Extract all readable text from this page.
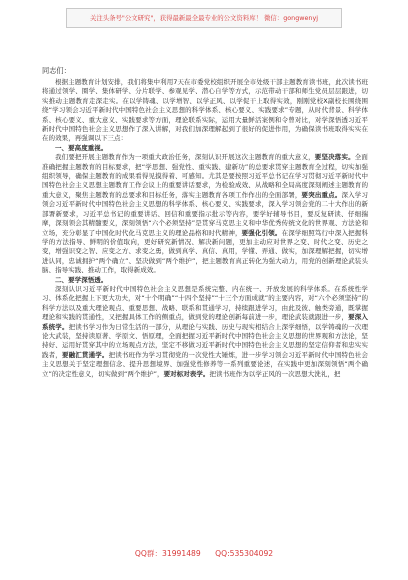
关注头条号"公文研究"，获得最新最全最专业的公文资料库！ 微信：gongwenyj
同志们：

根据主题教育计划安排，我们将集中利用7天在市委党校组织开展全市处级干部主题教育读书班，此次读书班将通过领学、圈学、集体研学、分片联学、参观见学、潜心自学等方式，示范带动干部和师生党员层层跟进，切实推动主题教育走深走实。在以学铸魂、以学增智、以学正风、以学促干上取得实效，刚刚党校X副校长围绕围绕“学习领会习近平新时代中国特色社会主义思想的科学体系、核心要义、实践要求”专题，从时代背景、科学体系、核心要义、重大意义、实践要求等方面，理论联系实际，运用大量鲜活案例和令曾对比，对学深悟透习近平新时代中国特色社会主义思想作了深入讲解，对我们加深理解起到了很好的促进作用，为确保读书班取得实实在在的效果，再强调以下三点：

一、要高度重视。

我们要把开展主题教育作为一项重大政治任务，深刻认识开展这次主题教育的重大意义，要坚决落实。全面准确把握主题教育的目标要求，把“学思想、强党性、重实践、建新功”的总要求贯穿主题教育全过程，切实加强组织领导，确保主题教育的成果看得见摸得着、可感知。尤其是要按照习近平总书记在学习贯彻习近平新时代中国特色社会主义思想主题教育工作会议上的重要讲话要求，为检验成效、从战略和全局高度深刻阐述主题教育的重大意义，聚焦主题教育的总要求和目标任务，落实主题教育各项工作作出的全面部署，要突出重点。深入学习领会习近平新时代中国特色社会主义思想的科学体系、核心要义、实践要求，深入学习领会党的二十大作出的新部署新要求，习近平总书记的重要讲话、回信和重要指示批示等内容，要学好辅导书目，要反复研读、仔细揣摩，深刻领会其精髓要义，深刻领悟“六个必须坚持”是贯穿马克思主义和中华优秀传统文化的世界观、方法论和立场，充分彰显了中国化时代化马克思主义的理论品格和时代精神，要强化引领。在深学细照笃行中深入把握科学的方法指导、鲜明的价值取向，更好研究新情况、解决新问题，更加主动应对世界之变、时代之变、历史之变，增强识变之智、应变之方、求变之勇，做到真学、真信、真用，学懂、弄通、做实，加深理解把握，切实增进认同，忠诚拥护“两个确立”、坚决做到“两个维护”，把主题教育真正转化为强大动力，用党的创新理论武装头脑、指导实践、推动工作，取得新成效。

二、要学深悟透。

深刻认识习近平新时代中国特色社会主义思想是系统完整、内在统一、开放发展的科学体系。在系统性学习、体系化把握上下更大功夫，对“十个明确”“十四个坚持”“十三个方面成就”的主要内容，对“六个必须坚持”的科学方法以及重大理论观点、重要思想、战略、联系和贯通学习，持续跟进学习，由此及彼、触类旁通，既掌握理论和实践的贯通性，又把握具体工作的侧重点，做到党的理论创新每前进一步，理论武装就跟进一步，要深入系统学。把读书学习作为日常生活的一部分，从理论与实践、历史与现实相结合上深学细悟，以学铸魂的一次理论大武装，坚持读原著、学原文、悟原理，全面把握习近平新时代中国特色社会主义思想的世界观和方法论，坚持好、运用好贯穿其中的立场观点方法，坚定不移做习近平新时代中国特色社会主义思想的坚定信仰者和忠实实践者，要融汇贯通学。把读书班作为学习贯彻党的一次党性大锤炼，进一步学习领会习近平新时代中国特色社会主义思想关于坚定理想信念、提升思想境界、加强党性修养等一系列重要论述，在实践中更加深刻领悟“两个确立”的决定性意义，切实做到“两个维护”，要对标对表学。把读书班作为以学正风的一次思想大洗礼，把

QQ群：31991489 QQ:535304092
